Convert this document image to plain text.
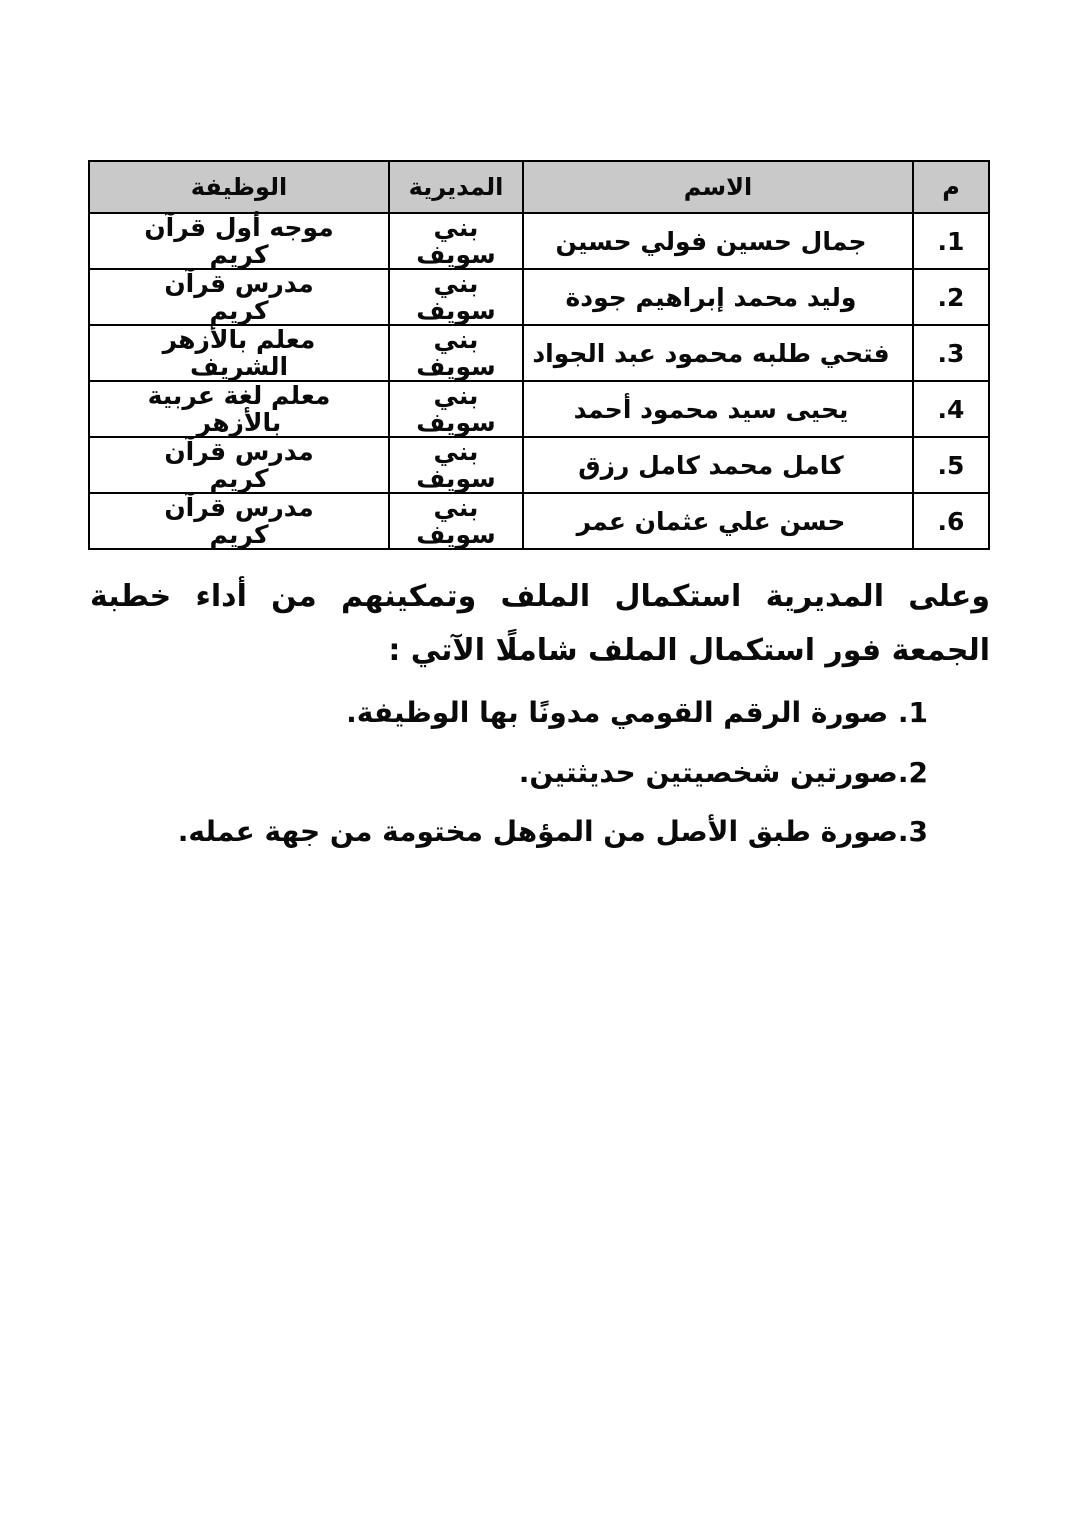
م	الاسم	المديرية	الوظيفة
1.	جمال حسين فولي حسين	بني سويف	موجه أول قرآن كريم
2.	وليد محمد إبراهيم جودة	بني سويف	مدرس قرآن كريم
3.	فتحي طلبه محمود عبد الجواد	بني سويف	معلم بالأزهر الشريف
4.	يحيى سيد محمود أحمد	بني سويف	معلم لغة عربية بالأزهر
5.	كامل محمد كامل رزق	بني سويف	مدرس قرآن كريم
6.	حسن علي عثمان عمر	بني سويف	مدرس قرآن كريم

وعلى المديرية استكمال الملف وتمكينهم من أداء خطبة الجمعة فور استكمال الملف شاملًا الآتي :

1. صورة الرقم القومي مدونًا بها الوظيفة.

2.صورتين شخصيتين حديثتين.

3.صورة طبق الأصل من المؤهل مختومة من جهة عمله.
